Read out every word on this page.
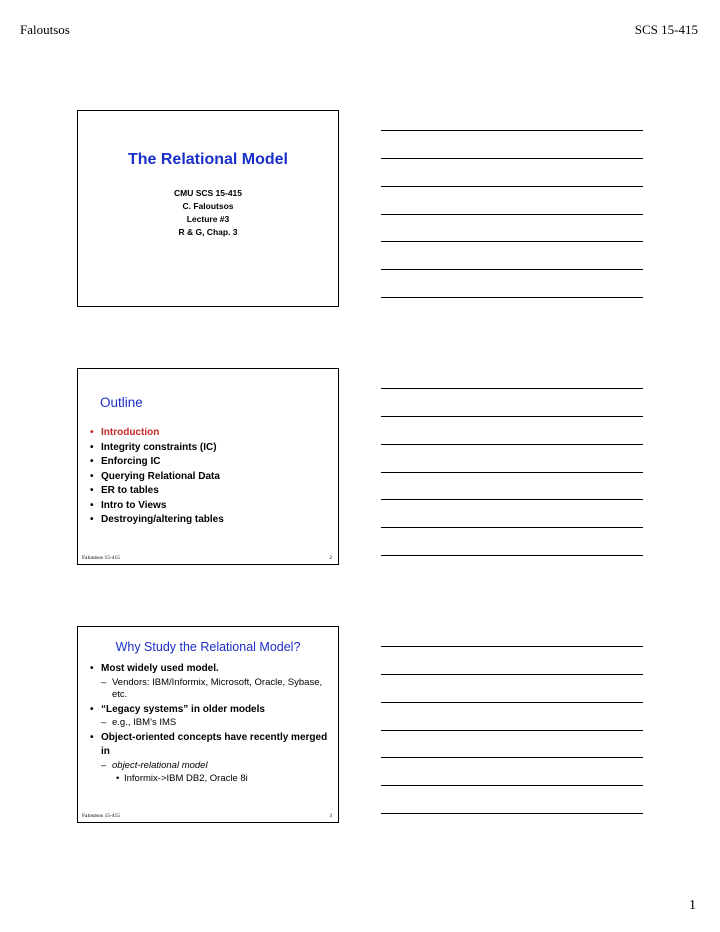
Faloutsos	SCS 15-415
The Relational Model
CMU SCS 15-415
C. Faloutsos
Lecture #3
R & G, Chap. 3
Outline
• Introduction
• Integrity constraints (IC)
• Enforcing IC
• Querying Relational Data
• ER to tables
• Intro to Views
• Destroying/altering tables
Faloutsos 15-415	2
Why Study the Relational Model?
• Most widely used model.
– Vendors: IBM/Informix, Microsoft, Oracle, Sybase, etc.
• “Legacy systems” in older models
– e.g., IBM’s IMS
• Object-oriented concepts have recently merged in
– object-relational model
• Informix->IBM DB2, Oracle 8i
Faloutsos 15-415	3
1
